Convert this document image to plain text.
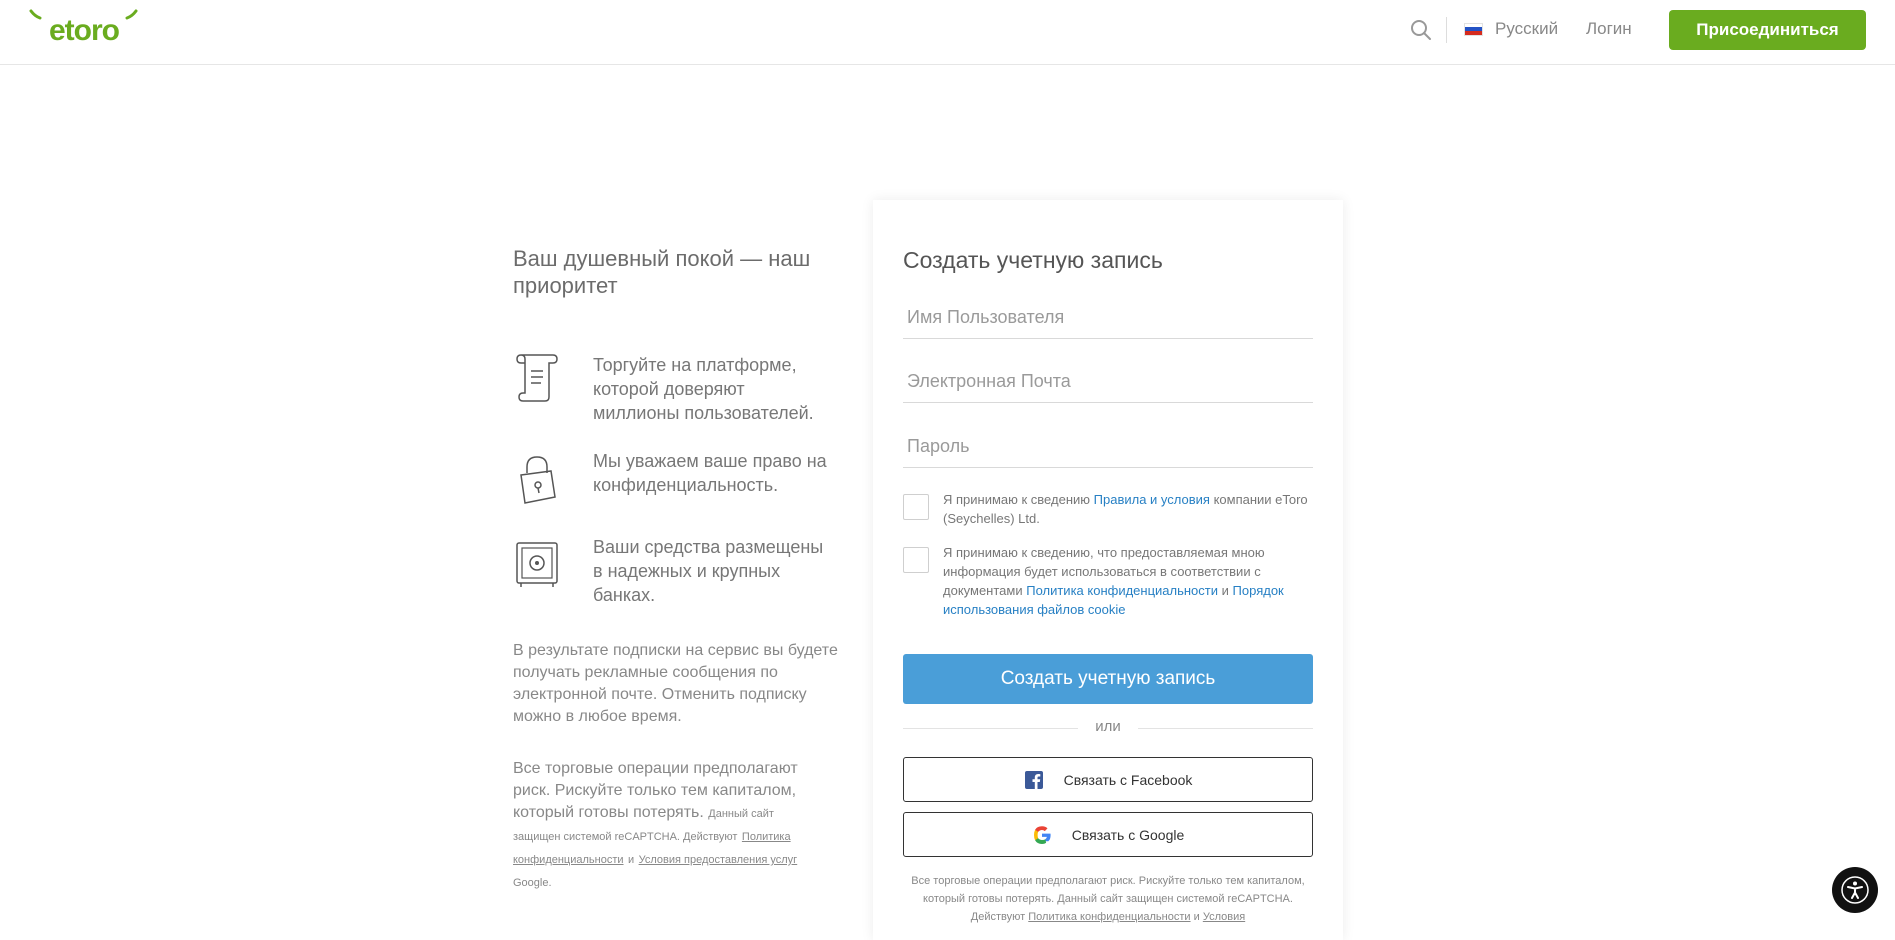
etoro	Русский Логин	Присоединиться
Ваш душевный покой — наш приоритет
Торгуйте на платформе, которой доверяют миллионы пользователей.
Мы уважаем ваше право на конфиденциальность.
Ваши средства размещены в надежных и крупных банках.

В результате подписки на сервис вы будете получать рекламные сообщения по электронной почте. Отменить подписку можно в любое время.

Все торговые операции предполагают риск. Рискуйте только тем капиталом, который готовы потерять. Данный сайт защищен системой reCAPTCHA. Действуют Политика конфиденциальности и Условия предоставления услуг Google.

Создать учетную запись
Имя Пользователя
Электронная Почта
Я принимаю к сведению Правила и условия компании eToro (Seychelles) Ltd.
Я принимаю к сведению, что предоставляемая мною информация будет использоваться в соответствии с документами Политика конфиденциальности и Порядок использования файлов cookie
Создать учетную запись
или
Связать с Facebook
Связать с Google
Все торговые операции предполагают риск. Рискуйте только тем капиталом, который готовы потерять. Данный сайт защищен системой reCAPTCHA. Действуют Политика конфиденциальности и Условия
